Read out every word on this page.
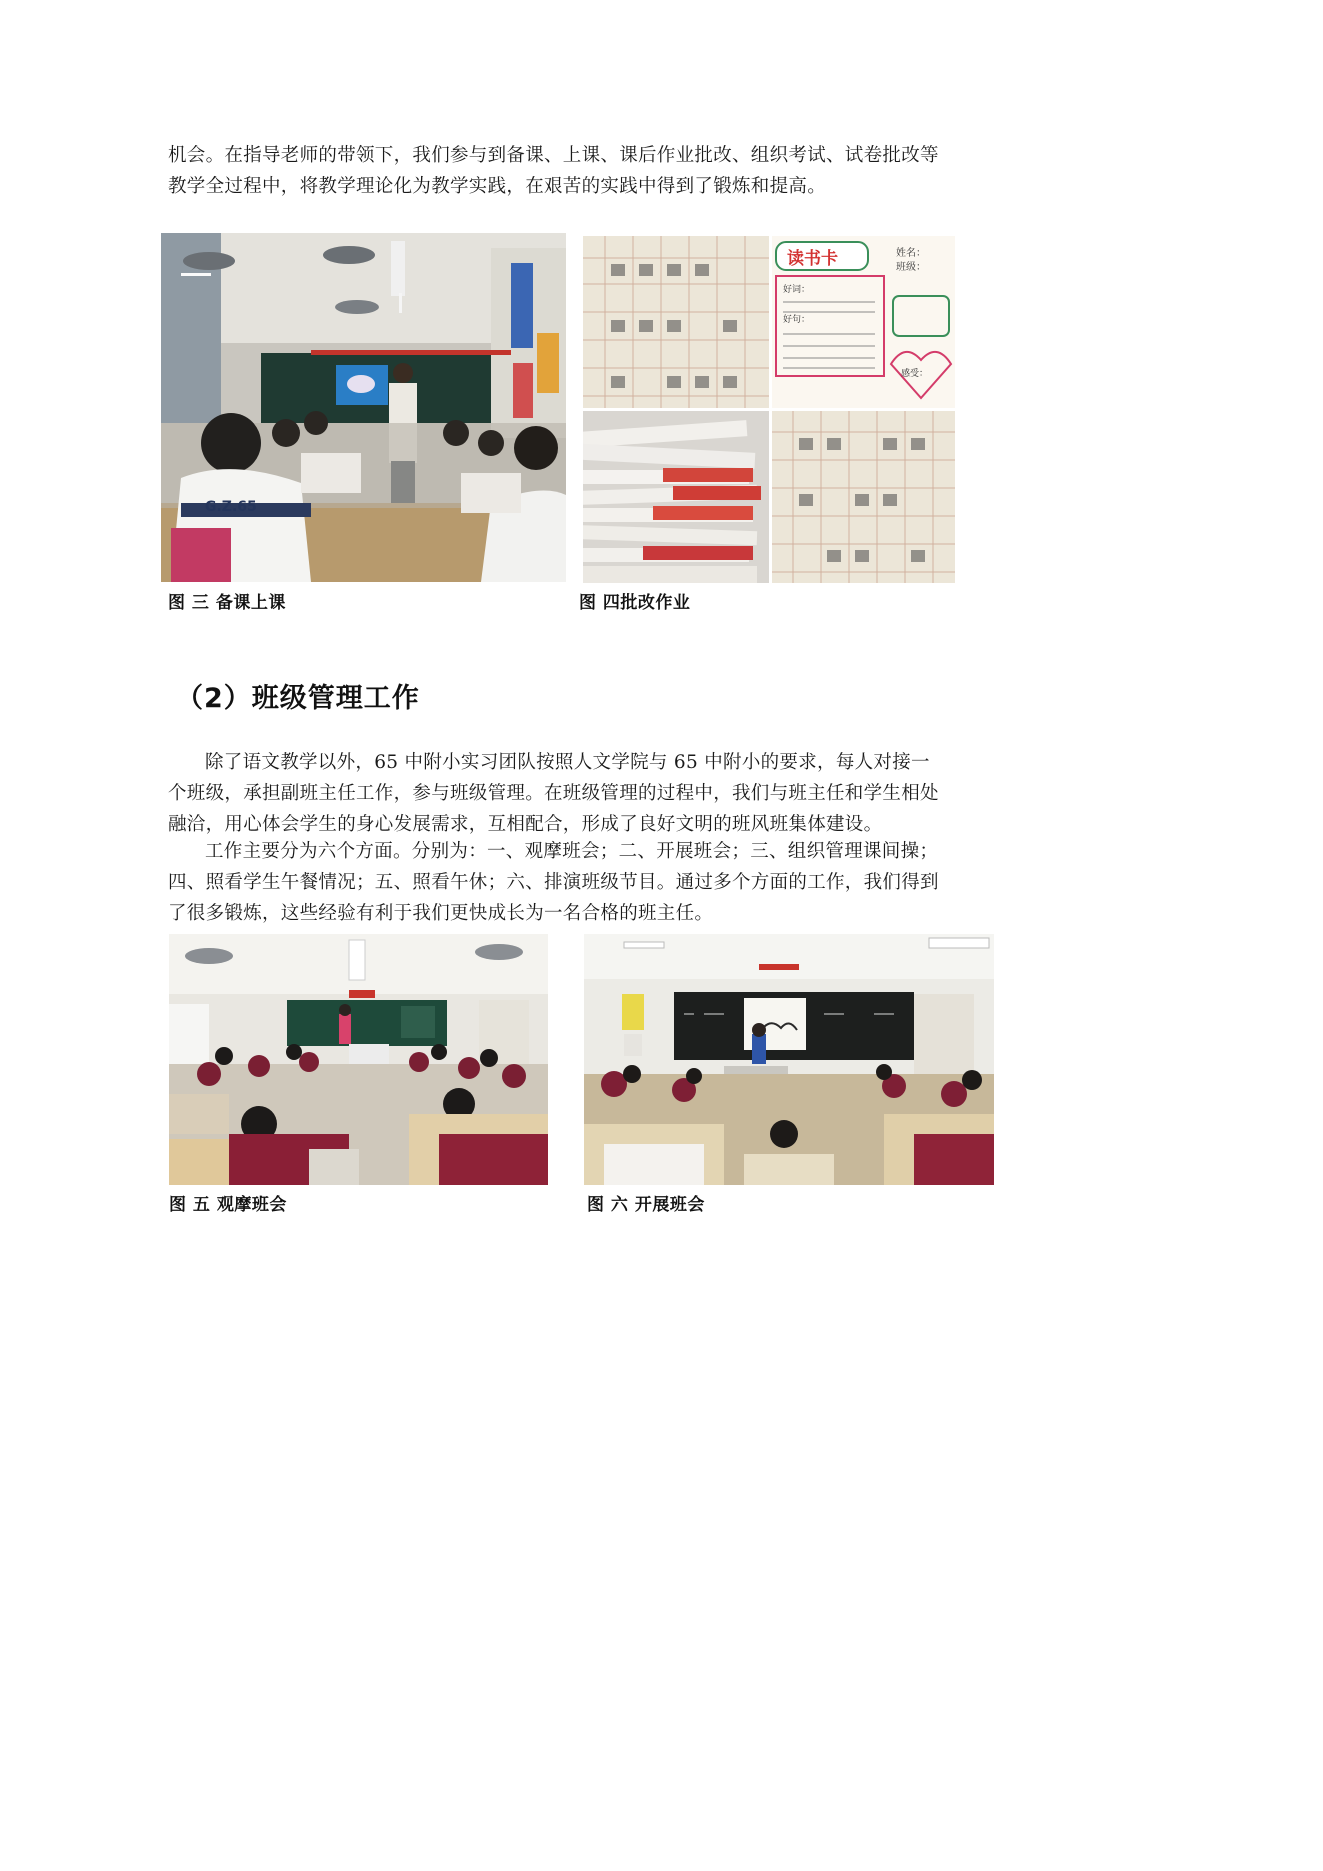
机会。在指导老师的带领下，我们参与到备课、上课、课后作业批改、组织考试、试卷批改等教学全过程中，将教学理论化为教学实践，在艰苦的实践中得到了锻炼和提高。

G.Z.65
读书卡	姓名：
班级：
好词：
好句：
感受：
图 三 备课上课	图 四批改作业
（2）班级管理工作

除了语文教学以外，65 中附小实习团队按照人文学院与 65 中附小的要求，每人对接一个班级，承担副班主任工作，参与班级管理。在班级管理的过程中，我们与班主任和学生相处融洽，用心体会学生的身心发展需求，互相配合，形成了良好文明的班风班集体建设。

工作主要分为六个方面。分别为：一、观摩班会；二、开展班会；三、组织管理课间操；四、照看学生午餐情况；五、照看午休；六、排演班级节目。通过多个方面的工作，我们得到了很多锻炼，这些经验有利于我们更快成长为一名合格的班主任。

图 五 观摩班会	图 六 开展班会
